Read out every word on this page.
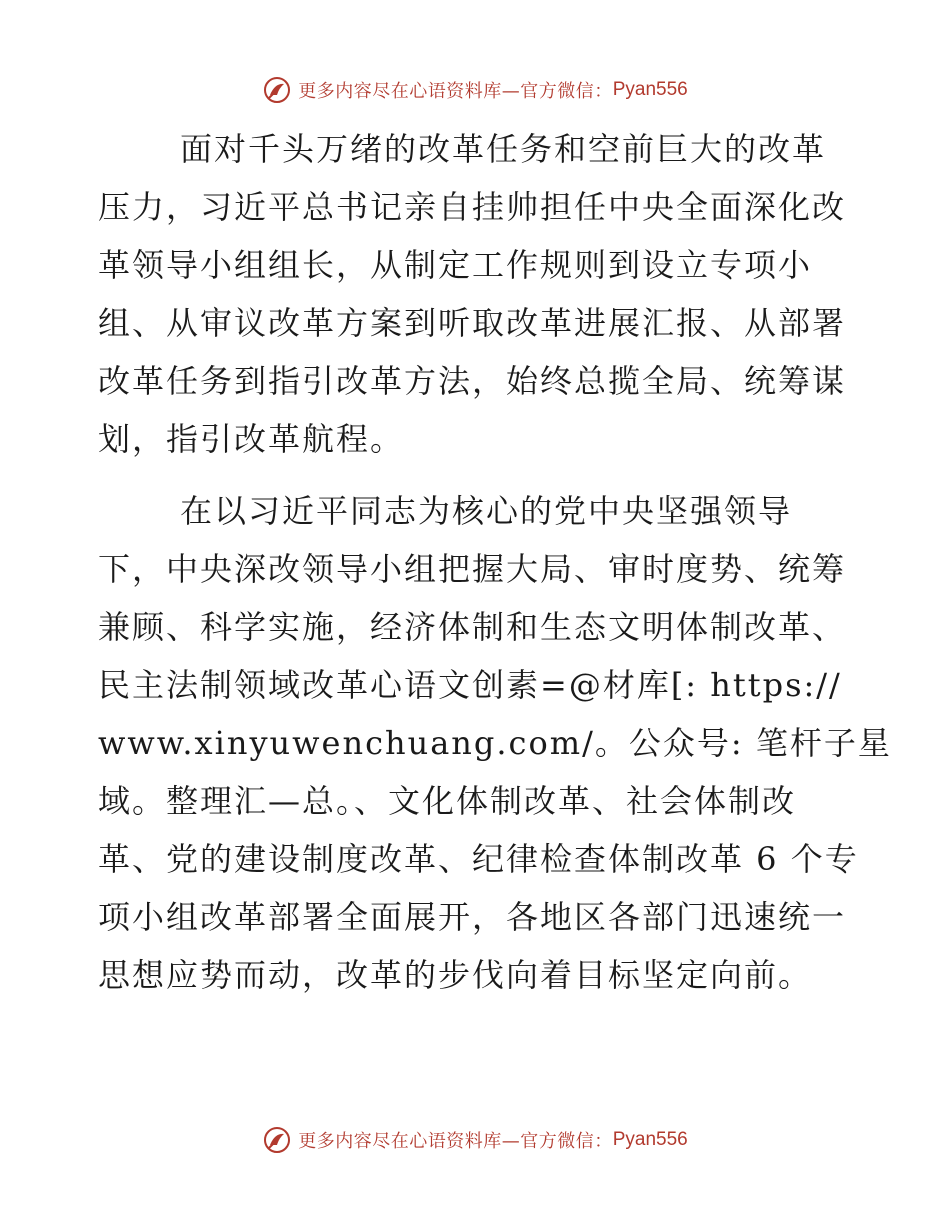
更多内容尽在心语资料库—官方微信： Pyan556
面对千头万绪的改革任务和空前巨大的改革
压力，习近平总书记亲自挂帅担任中央全面深化改
革领导小组组长，从制定工作规则到设立专项小
组、从审议改革方案到听取改革进展汇报、从部署
改革任务到指引改革方法，始终总揽全局、统筹谋
划，指引改革航程。
在以习近平同志为核心的党中央坚强领导
下，中央深改领导小组把握大局、审时度势、统筹
兼顾、科学实施，经济体制和生态文明体制改革、
民主法制领域改革心语文创素=@材库[: https://
www.xinyuwenchuang.com/。公众号: 笔杆子星
域。整理汇—总。、文化体制改革、社会体制改
革、党的建设制度改革、纪律检查体制改革 6 个专
项小组改革部署全面展开，各地区各部门迅速统一
思想应势而动，改革的步伐向着目标坚定向前。
更多内容尽在心语资料库—官方微信： Pyan556
